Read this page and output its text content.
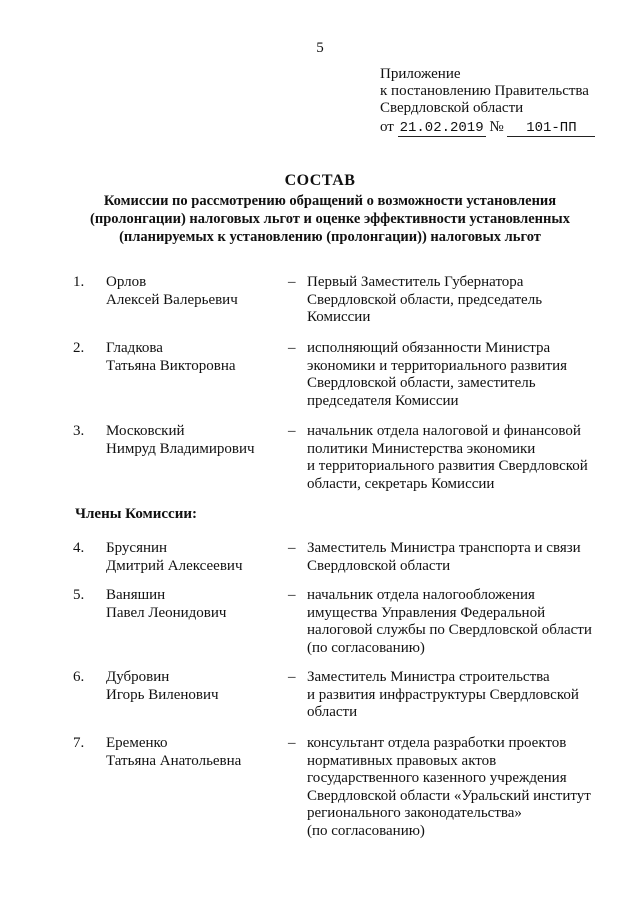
5
Приложение
к постановлению Правительства
Свердловской области
от 21.02.2019 № 101-ПП
СОСТАВ
Комиссии по рассмотрению обращений о возможности установления
(пролонгации) налоговых льгот и оценке эффективности установленных
(планируемых к установлению (пролонгации)) налоговых льгот
1. Орлов
Алексей Валерьевич
– Первый Заместитель Губернатора
Свердловской области, председатель
Комиссии
2. Гладкова
Татьяна Викторовна
– исполняющий обязанности Министра
экономики и территориального развития
Свердловской области, заместитель
председателя Комиссии
3. Московский
Нимруд Владимирович
– начальник отдела налоговой и финансовой
политики Министерства экономики
и территориального развития Свердловской
области, секретарь Комиссии
Члены Комиссии:
4. Брусянин
Дмитрий Алексеевич
– Заместитель Министра транспорта и связи
Свердловской области
5. Ваняшин
Павел Леонидович
– начальник отдела налогообложения
имущества Управления Федеральной
налоговой службы по Свердловской области
(по согласованию)
6. Дубровин
Игорь Виленович
– Заместитель Министра строительства
и развития инфраструктуры Свердловской
области
7. Еременко
Татьяна Анатольевна
– консультант отдела разработки проектов
нормативных правовых актов
государственного казенного учреждения
Свердловской области «Уральский институт
регионального законодательства»
(по согласованию)
